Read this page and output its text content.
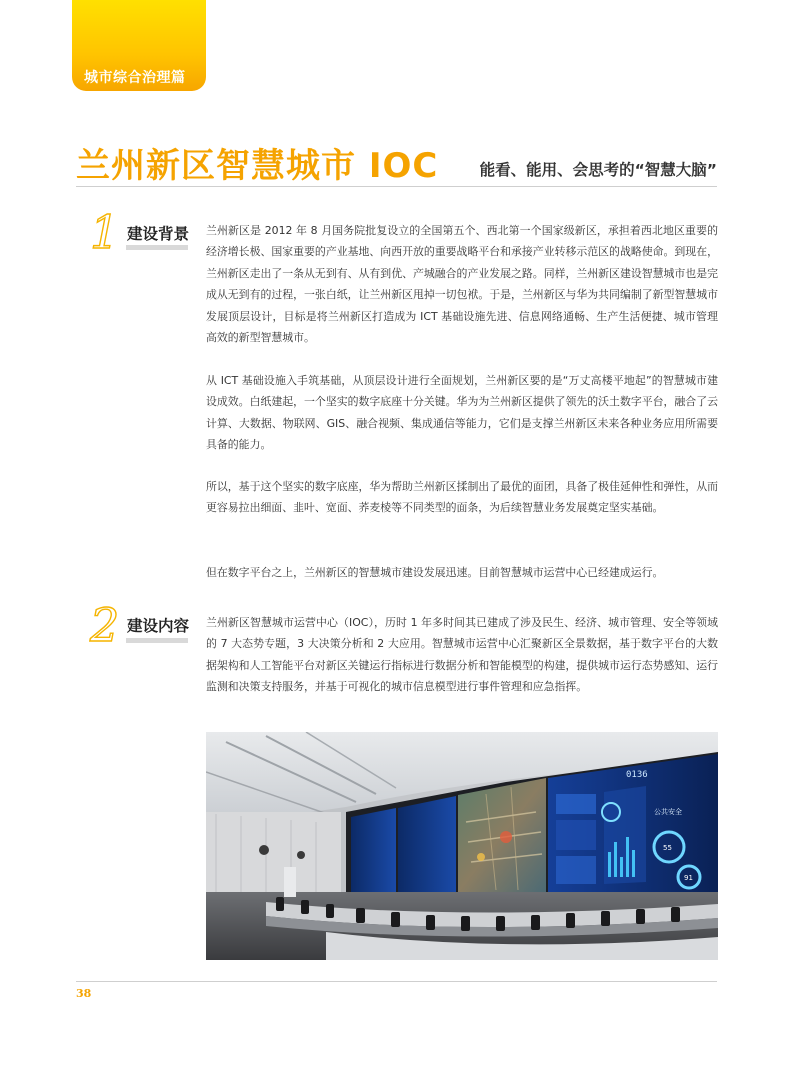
城市综合治理篇
兰州新区智慧城市 IOC	能看、能用、会思考的“智慧大脑”
1 建设背景 兰州新区是 2012 年 8 月国务院批复设立的全国第五个、西北第一个国家级新区，承担着西北地区重要的经济增长极、国家重要的产业基地、向西开放的重要战略平台和承接产业转移示范区的战略使命。到现在，兰州新区走出了一条从无到有、从有到优、产城融合的产业发展之路。同样，兰州新区建设智慧城市也是完成从无到有的过程，一张白纸，让兰州新区甩掉一切包袱。于是，兰州新区与华为共同编制了新型智慧城市发展顶层设计，目标是将兰州新区打造成为 ICT 基础设施先进、信息网络通畅、生产生活便捷、城市管理高效的新型智慧城市。

从 ICT 基础设施入手筑基础，从顶层设计进行全面规划，兰州新区要的是“万丈高楼平地起”的智慧城市建设成效。白纸建起，一个坚实的数字底座十分关键。华为为兰州新区提供了领先的沃土数字平台，融合了云计算、大数据、物联网、GIS、融合视频、集成通信等能力，它们是支撑兰州新区未来各种业务应用所需要具备的能力。

所以，基于这个坚实的数字底座，华为帮助兰州新区揉制出了最优的面团，具备了极佳延伸性和弹性，从而更容易拉出细面、韭叶、宽面、荞麦棱等不同类型的面条，为后续智慧业务发展奠定坚实基础。

但在数字平台之上，兰州新区的智慧城市建设发展迅速。目前智慧城市运营中心已经建成运行。

2 建设内容 兰州新区智慧城市运营中心（IOC），历时 1 年多时间其已建成了涉及民生、经济、城市管理、安全等领域的 7 大态势专题，3 大决策分析和 2 大应用。智慧城市运营中心汇聚新区全景数据，基于数字平台的大数据架构和人工智能平台对新区关键运行指标进行数据分析和智能模型的构建，提供城市运行态势感知、运行监测和决策支持服务，并基于可视化的城市信息模型进行事件管理和应急指挥。

0136
公共安全
55
91
38
